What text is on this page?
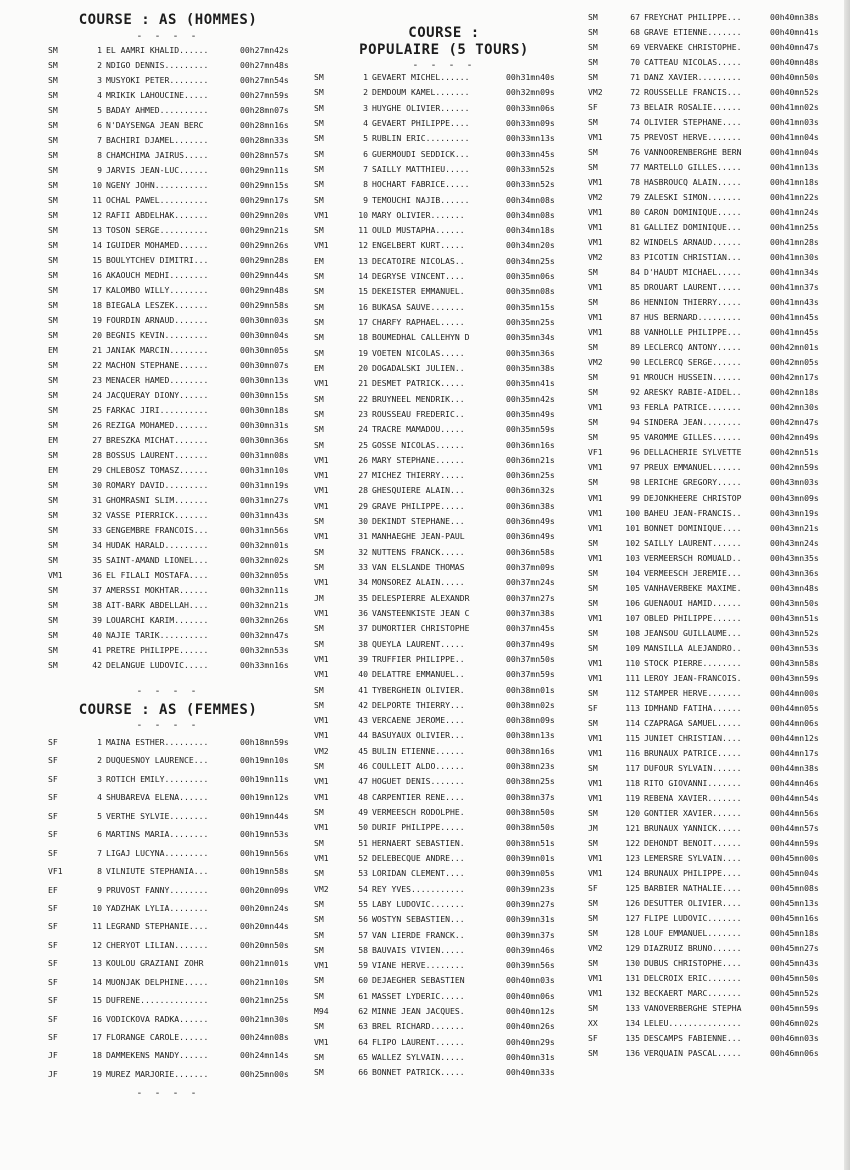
COURSE : AS (HOMMES)
- - - -
SM	1 EL AAMRI KHALID......	00h27mn42s
SM	2 NDIGO DENNIS.........	00h27mn48s
SM	3 MUSYOKI PETER........	00h27mn54s
SM	4 MRIKIK LAHOUCINE.....	00h27mn59s
SM	5 BADAY AHMED..........	00h28mn07s
SM	6 N'DAYSENGA JEAN BERC	00h28mn16s
SM	7 BACHIRI DJAMEL.......	00h28mn33s
SM	8 CHAMCHIMA JAIRUS.....	00h28mn57s
SM	9 JARVIS JEAN-LUC......	00h29mn11s
SM	10 NGENY JOHN...........	00h29mn15s
SM	11 OCHAL PAWEL..........	00h29mn17s
SM	12 RAFII ABDELHAK.......	00h29mn20s
SM	13 TOSON SERGE..........	00h29mn21s
SM	14 IGUIDER MOHAMED......	00h29mn26s
SM	15 BOULYTCHEV DIMITRI...	00h29mn28s
SM	16 AKAOUCH MEDHI........	00h29mn44s
SM	17 KALOMBO WILLY........	00h29mn48s
SM	18 BIEGALA LESZEK.......	00h29mn58s
SM	19 FOURDIN ARNAUD.......	00h30mn03s
SM	20 BEGNIS KEVIN.........	00h30mn04s
EM	21 JANIAK MARCIN........	00h30mn05s
SM	22 MACHON STEPHANE......	00h30mn07s
SM	23 MENACER HAMED........	00h30mn13s
SM	24 JACQUERAY DIONY......	00h30mn15s
SM	25 FARKAC JIRI..........	00h30mn18s
SM	26 REZIGA MOHAMED.......	00h30mn31s
EM	27 BRESZKA MICHAT.......	00h30mn36s
SM	28 BOSSUS LAURENT.......	00h31mn08s
EM	29 CHLEBOSZ TOMASZ......	00h31mn10s
SM	30 ROMARY DAVID.........	00h31mn19s
SM	31 GHOMRASNI SLIM.......	00h31mn27s
SM	32 VASSE PIERRICK.......	00h31mn43s
SM	33 GENGEMBRE FRANCOIS...	00h31mn56s
SM	34 HUDAK HARALD.........	00h32mn01s
SM	35 SAINT-AMAND LIONEL...	00h32mn02s
VM1	36 EL FILALI MOSTAFA....	00h32mn05s
SM	37 AMERSSI MOKHTAR......	00h32mn11s
SM	38 AIT-BARK ABDELLAH....	00h32mn21s
SM	39 LOUARCHI KARIM.......	00h32mn26s
SM	40 NAJIE TARIK..........	00h32mn47s
SM	41 PRETRE PHILIPPE......	00h32mn53s
SM	42 DELANGUE LUDOVIC.....	00h33mn16s
- - - -
COURSE : AS (FEMMES)
- - - -
SF	1 MAINA ESTHER.........	00h18mn59s
SF	2 DUQUESNOY LAURENCE...	00h19mn10s
SF	3 ROTICH EMILY.........	00h19mn11s
SF	4 SHUBAREVA ELENA......	00h19mn12s
SF	5 VERTHE SYLVIE........	00h19mn44s
SF	6 MARTINS MARIA........	00h19mn53s
SF	7 LIGAJ LUCYNA.........	00h19mn56s
VF1	8 VILNIUTE STEPHANIA...	00h19mn58s
EF	9 PRUVOST FANNY........	00h20mn09s
SF	10 YADZHAK LYLIA........	00h20mn24s
SF	11 LEGRAND STEPHANIE....	00h20mn44s
SF	12 CHERYOT LILIAN.......	00h20mn50s
SF	13 KOULOU GRAZIANI ZOHR	00h21mn01s
SF	14 MUONJAK DELPHINE.....	00h21mn10s
SF	15 DUFRENE..............	00h21mn25s
SF	16 VODICKOVA RADKA......	00h21mn30s
SF	17 FLORANGE CAROLE......	00h24mn08s
JF	18 DAMMEKENS MANDY......	00h24mn14s
JF	19 MUREZ MARJORIE.......	00h25mn00s
- - - -
COURSE :
POPULAIRE (5 TOURS)
- - - -
SM	1 GEVAERT MICHEL......	00h31mn40s
SM	2 DEMDOUM KAMEL.......	00h32mn09s
SM	3 HUYGHE OLIVIER......	00h33mn06s
SM	4 GEVAERT PHILIPPE....	00h33mn09s
SM	5 RUBLIN ERIC.........	00h33mn13s
SM	6 GUERMOUDI SEDDICK...	00h33mn45s
SM	7 SAILLY MATTHIEU.....	00h33mn52s
SM	8 HOCHART FABRICE.....	00h33mn52s
SM	9 TEMOUCHI NAJIB......	00h34mn08s
VM1	10 MARY OLIVIER.......	00h34mn08s
SM	11 OULD MUSTAPHA......	00h34mn18s
VM1	12 ENGELBERT KURT.....	00h34mn20s
EM	13 DECATOIRE NICOLAS..	00h34mn25s
SM	14 DEGRYSE VINCENT....	00h35mn06s
SM	15 DEKEISTER EMMANUEL.	00h35mn08s
SM	16 BUKASA SAUVE.......	00h35mn15s
SM	17 CHARFY RAPHAEL.....	00h35mn25s
SM	18 BOUMEDHAL CALLEHYN D	00h35mn34s
SM	19 VOETEN NICOLAS.....	00h35mn36s
EM	20 DOGADALSKI JULIEN..	00h35mn38s
VM1	21 DESMET PATRICK.....	00h35mn41s
SM	22 BRUYNEEL MENDRIK...	00h35mn42s
SM	23 ROUSSEAU FREDERIC..	00h35mn49s
SM	24 TRACRE MAMADOU.....	00h35mn59s
SM	25 GOSSE NICOLAS......	00h36mn16s
VM1	26 MARY STEPHANE......	00h36mn21s
VM1	27 MICHEZ THIERRY.....	00h36mn25s
VM1	28 GHESQUIERE ALAIN...	00h36mn32s
VM1	29 GRAVE PHILIPPE.....	00h36mn38s
SM	30 DEKINDT STEPHANE...	00h36mn49s
VM1	31 MANHAEGHE JEAN-PAUL	00h36mn49s
SM	32 NUTTENS FRANCK.....	00h36mn58s
SM	33 VAN ELSLANDE THOMAS	00h37mn09s
VM1	34 MONSOREZ ALAIN.....	00h37mn24s
JM	35 DELESPIERRE ALEXANDR	00h37mn27s
VM1	36 VANSTEENKISTE JEAN C	00h37mn38s
SM	37 DUMORTIER CHRISTOPHE	00h37mn45s
SM	38 QUEYLA LAURENT.....	00h37mn49s
VM1	39 TRUFFIER PHILIPPE..	00h37mn50s
VM1	40 DELATTRE EMMANUEL..	00h37mn59s
SM	41 TYBERGHEIN OLIVIER.	00h38mn01s
SM	42 DELPORTE THIERRY...	00h38mn02s
VM1	43 VERCAENE JEROME....	00h38mn09s
VM1	44 BASUYAUX OLIVIER...	00h38mn13s
VM2	45 BULIN ETIENNE......	00h38mn16s
SM	46 COULLEIT ALDO......	00h38mn23s
VM1	47 HOGUET DENIS.......	00h38mn25s
VM1	48 CARPENTIER RENE....	00h38mn37s
SM	49 VERMEESCH RODOLPHE.	00h38mn50s
VM1	50 DURIF PHILIPPE.....	00h38mn50s
SM	51 HERNAERT SEBASTIEN.	00h38mn51s
VM1	52 DELEBECQUE ANDRE...	00h39mn01s
SM	53 LORIDAN CLEMENT....	00h39mn05s
VM2	54 REY YVES...........	00h39mn23s
SM	55 LABY LUDOVIC.......	00h39mn27s
SM	56 WOSTYN SEBASTIEN...	00h39mn31s
SM	57 VAN LIERDE FRANCK..	00h39mn37s
SM	58 BAUVAIS VIVIEN.....	00h39mn46s
VM1	59 VIANE HERVE........	00h39mn56s
SM	60 DEJAEGHER SEBASTIEN	00h40mn03s
SM	61 MASSET LYDERIC.....	00h40mn06s
M94	62 MINNE JEAN JACQUES.	00h40mn12s
SM	63 BREL RICHARD.......	00h40mn26s
VM1	64 FLIPO LAURENT......	00h40mn29s
SM	65 WALLEZ SYLVAIN.....	00h40mn31s
SM	66 BONNET PATRICK.....	00h40mn33s
SM	67 FREYCHAT PHILIPPE...	00h40mn38s
SM	68 GRAVE ETIENNE.......	00h40mn41s
SM	69 VERVAEKE CHRISTOPHE.	00h40mn47s
SM	70 CATTEAU NICOLAS.....	00h40mn48s
SM	71 DANZ XAVIER.........	00h40mn50s
VM2	72 ROUSSELLE FRANCIS...	00h40mn52s
SF	73 BELAIR ROSALIE......	00h41mn02s
SM	74 OLIVIER STEPHANE....	00h41mn03s
VM1	75 PREVOST HERVE.......	00h41mn04s
SM	76 VANNOORENBERGHE BERN	00h41mn04s
SM	77 MARTELLO GILLES.....	00h41mn13s
VM1	78 HASBROUCQ ALAIN.....	00h41mn18s
VM2	79 ZALESKI SIMON.......	00h41mn22s
VM1	80 CARON DOMINIQUE.....	00h41mn24s
VM1	81 GALLIEZ DOMINIQUE...	00h41mn25s
VM1	82 WINDELS ARNAUD......	00h41mn28s
VM2	83 PICOTIN CHRISTIAN...	00h41mn30s
SM	84 D'HAUDT MICHAEL.....	00h41mn34s
VM1	85 DROUART LAURENT.....	00h41mn37s
SM	86 HENNION THIERRY.....	00h41mn43s
VM1	87 HUS BERNARD.........	00h41mn45s
VM1	88 VANHOLLE PHILIPPE...	00h41mn45s
SM	89 LECLERCQ ANTONY.....	00h42mn01s
VM2	90 LECLERCQ SERGE......	00h42mn05s
SM	91 MROUCH HUSSEIN......	00h42mn17s
SM	92 ARESKY RABIE-AIDEL..	00h42mn18s
VM1	93 FERLA PATRICE.......	00h42mn30s
SM	94 SINDERA JEAN........	00h42mn47s
SM	95 VAROMME GILLES......	00h42mn49s
VF1	96 DELLACHERIE SYLVETTE	00h42mn51s
VM1	97 PREUX EMMANUEL......	00h42mn59s
SM	98 LERICHE GREGORY.....	00h43mn03s
VM1	99 DEJONKHEERE CHRISTOP	00h43mn09s
VM1	100 BAHEU JEAN-FRANCIS..	00h43mn19s
VM1	101 BONNET DOMINIQUE....	00h43mn21s
SM	102 SAILLY LAURENT......	00h43mn24s
VM1	103 VERMEERSCH ROMUALD..	00h43mn35s
SM	104 VERMEESCH JEREMIE...	00h43mn36s
SM	105 VANHAVERBEKE MAXIME.	00h43mn48s
SM	106 GUENAOUI HAMID......	00h43mn50s
VM1	107 OBLED PHILIPPE......	00h43mn51s
SM	108 JEANSOU GUILLAUME...	00h43mn52s
SM	109 MANSILLA ALEJANDRO..	00h43mn53s
VM1	110 STOCK PIERRE........	00h43mn58s
VM1	111 LEROY JEAN-FRANCOIS.	00h43mn59s
SM	112 STAMPER HERVE.......	00h44mn00s
SF	113 IDMHAND FATIHA......	00h44mn05s
SM	114 CZAPRAGA SAMUEL.....	00h44mn06s
VM1	115 JUNIET CHRISTIAN....	00h44mn12s
VM1	116 BRUNAUX PATRICE.....	00h44mn17s
SM	117 DUFOUR SYLVAIN......	00h44mn38s
VM1	118 RITO GIOVANNI.......	00h44mn46s
VM1	119 REBENA XAVIER.......	00h44mn54s
SM	120 GONTIER XAVIER......	00h44mn56s
JM	121 BRUNAUX YANNICK.....	00h44mn57s
SM	122 DEHONDT BENOIT......	00h44mn59s
VM1	123 LEMERSRE SYLVAIN....	00h45mn00s
VM1	124 BRUNAUX PHILIPPE....	00h45mn04s
SF	125 BARBIER NATHALIE....	00h45mn08s
SM	126 DESUTTER OLIVIER....	00h45mn13s
SM	127 FLIPE LUDOVIC.......	00h45mn16s
SM	128 LOUF EMMANUEL.......	00h45mn18s
VM2	129 DIAZRUIZ BRUNO......	00h45mn27s
SM	130 DUBUS CHRISTOPHE....	00h45mn43s
VM1	131 DELCROIX ERIC.......	00h45mn50s
VM1	132 BECKAERT MARC.......	00h45mn52s
SM	133 VANOVERBERGHE STEPHA	00h45mn59s
XX	134 LELEU...............	00h46mn02s
SF	135 DESCAMPS FABIENNE...	00h46mn03s
SM	136 VERQUAIN PASCAL.....	00h46mn06s
